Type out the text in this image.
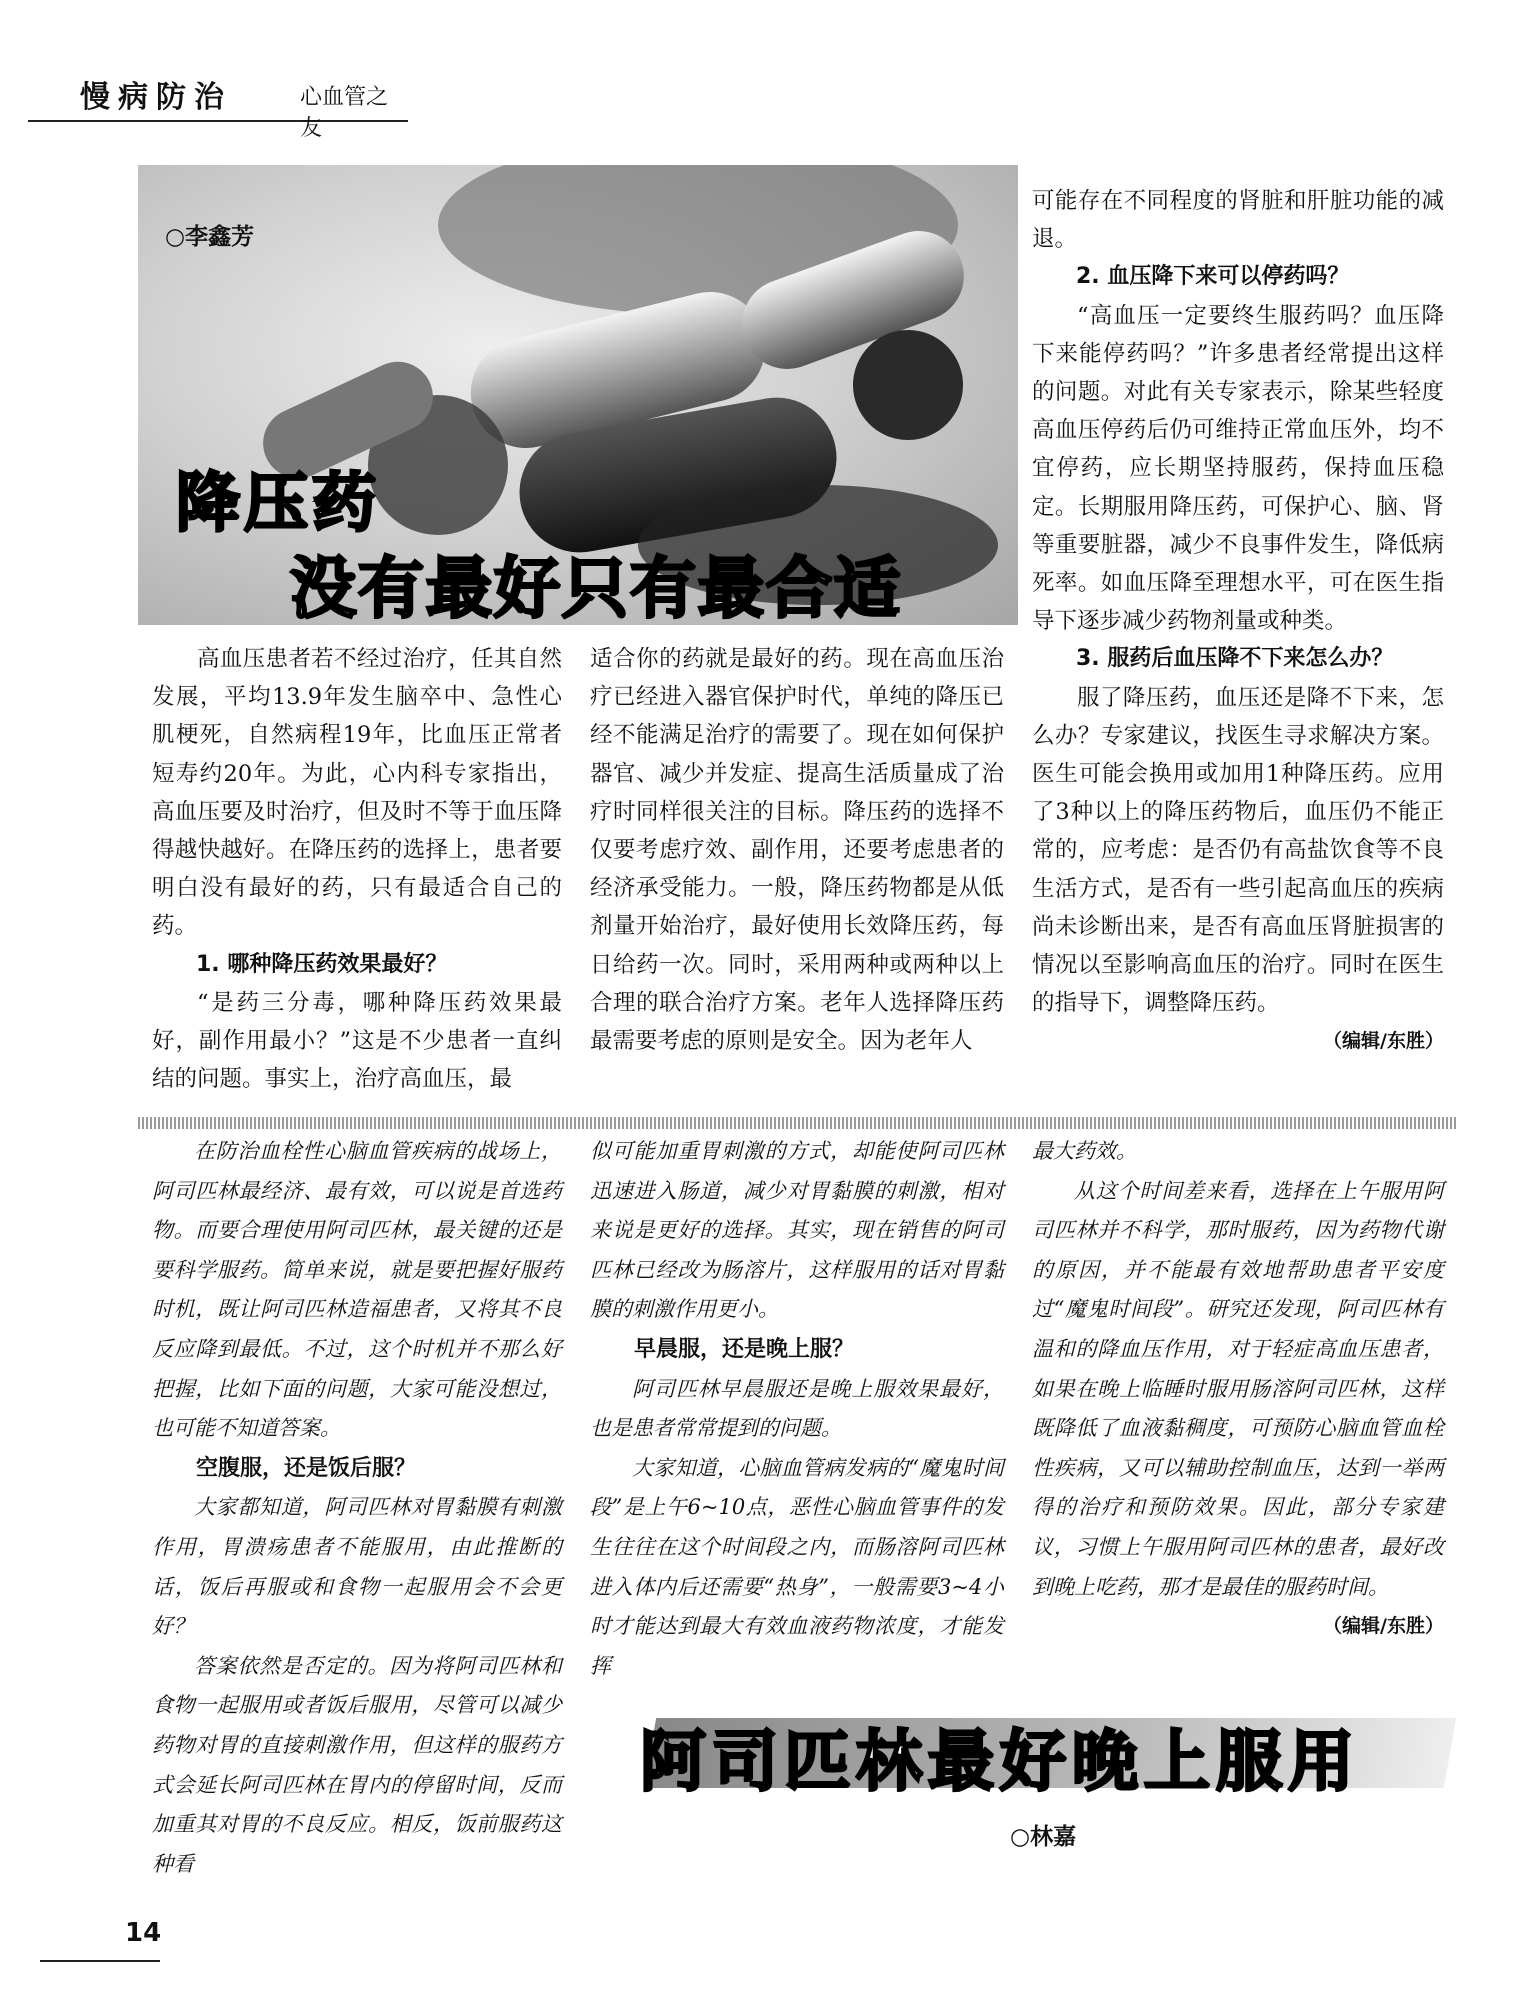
慢病防治	心血管之友
○李鑫芳
降压药
没有最好只有最合适

高血压患者若不经过治疗，任其自然发展，平均13.9年发生脑卒中、急性心肌梗死，自然病程19年，比血压正常者短寿约20年。为此，心内科专家指出，高血压要及时治疗，但及时不等于血压降得越快越好。在降压药的选择上，患者要明白没有最好的药，只有最适合自己的药。

1. 哪种降压药效果最好？

“是药三分毒，哪种降压药效果最好，副作用最小？”这是不少患者一直纠结的问题。事实上，治疗高血压，最

适合你的药就是最好的药。现在高血压治疗已经进入器官保护时代，单纯的降压已经不能满足治疗的需要了。现在如何保护器官、减少并发症、提高生活质量成了治疗时同样很关注的目标。降压药的选择不仅要考虑疗效、副作用，还要考虑患者的经济承受能力。一般，降压药物都是从低剂量开始治疗，最好使用长效降压药，每日给药一次。同时，采用两种或两种以上合理的联合治疗方案。老年人选择降压药最需要考虑的原则是安全。因为老年人

可能存在不同程度的肾脏和肝脏功能的减退。

2. 血压降下来可以停药吗？

“高血压一定要终生服药吗？血压降下来能停药吗？”许多患者经常提出这样的问题。对此有关专家表示，除某些轻度高血压停药后仍可维持正常血压外，均不宜停药，应长期坚持服药，保持血压稳定。长期服用降压药，可保护心、脑、肾等重要脏器，减少不良事件发生，降低病死率。如血压降至理想水平，可在医生指导下逐步减少药物剂量或种类。

3. 服药后血压降不下来怎么办？

服了降压药，血压还是降不下来，怎么办？专家建议，找医生寻求解决方案。医生可能会换用或加用1种降压药。应用了3种以上的降压药物后，血压仍不能正常的，应考虑：是否仍有高盐饮食等不良生活方式，是否有一些引起高血压的疾病尚未诊断出来，是否有高血压肾脏损害的情况以至影响高血压的治疗。同时在医生的指导下，调整降压药。

（编辑/东胜）

在防治血栓性心脑血管疾病的战场上，阿司匹林最经济、最有效，可以说是首选药物。而要合理使用阿司匹林，最关键的还是要科学服药。简单来说，就是要把握好服药时机，既让阿司匹林造福患者，又将其不良反应降到最低。不过，这个时机并不那么好把握，比如下面的问题，大家可能没想过，也可能不知道答案。

空腹服，还是饭后服？

大家都知道，阿司匹林对胃黏膜有刺激作用，胃溃疡患者不能服用，由此推断的话，饭后再服或和食物一起服用会不会更好？

答案依然是否定的。因为将阿司匹林和食物一起服用或者饭后服用，尽管可以减少药物对胃的直接刺激作用，但这样的服药方式会延长阿司匹林在胃内的停留时间，反而加重其对胃的不良反应。相反，饭前服药这种看

似可能加重胃刺激的方式，却能使阿司匹林迅速进入肠道，减少对胃黏膜的刺激，相对来说是更好的选择。其实，现在销售的阿司匹林已经改为肠溶片，这样服用的话对胃黏膜的刺激作用更小。

早晨服，还是晚上服？

阿司匹林早晨服还是晚上服效果最好，也是患者常常提到的问题。

大家知道，心脑血管病发病的“魔鬼时间段”是上午6~10点，恶性心脑血管事件的发生往往在这个时间段之内，而肠溶阿司匹林进入体内后还需要“热身”，一般需要3~4小时才能达到最大有效血液药物浓度，才能发挥

最大药效。

从这个时间差来看，选择在上午服用阿司匹林并不科学，那时服药，因为药物代谢的原因，并不能最有效地帮助患者平安度过“魔鬼时间段”。研究还发现，阿司匹林有温和的降血压作用，对于轻症高血压患者，如果在晚上临睡时服用肠溶阿司匹林，这样既降低了血液黏稠度，可预防心脑血管血栓性疾病，又可以辅助控制血压，达到一举两得的治疗和预防效果。因此，部分专家建议，习惯上午服用阿司匹林的患者，最好改到晚上吃药，那才是最佳的服药时间。

（编辑/东胜）
阿司匹林最好晚上服用
○林嘉
14
